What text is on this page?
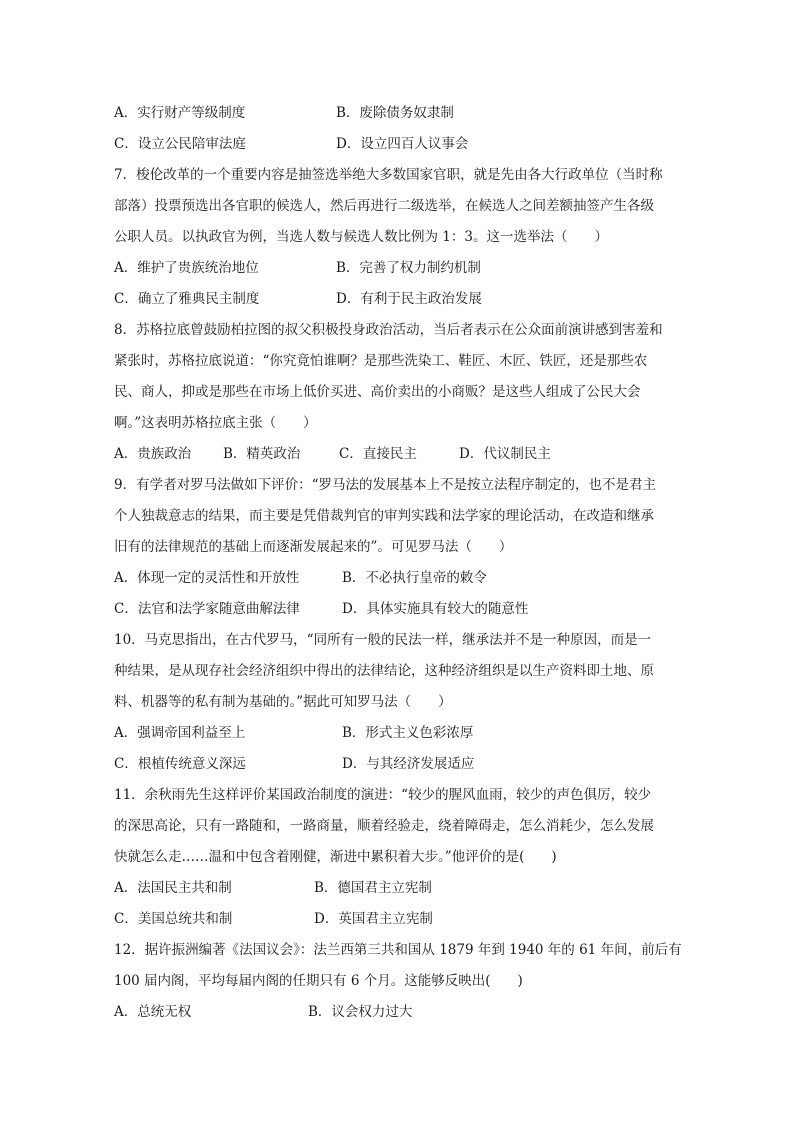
A．实行财产等级制度	B．废除债务奴隶制
C．设立公民陪审法庭	D．设立四百人议事会
7．梭伦改革的一个重要内容是抽签选举绝大多数国家官职，就是先由各大行政单位（当时称
部落）投票预选出各官职的候选人，然后再进行二级选举，在候选人之间差额抽签产生各级
公职人员。以执政官为例，当选人数与候选人数比例为 1：3。这一选举法（　　）
A．维护了贵族统治地位	B．完善了权力制约机制
C．确立了雅典民主制度	D．有利于民主政治发展
8．苏格拉底曾鼓励柏拉图的叔父积极投身政治活动，当后者表示在公众面前演讲感到害羞和
紧张时，苏格拉底说道：“你究竟怕谁啊？是那些洗染工、鞋匠、木匠、铁匠，还是那些农
民、商人，抑或是那些在市场上低价买进、高价卖出的小商贩？是这些人组成了公民大会
啊。”这表明苏格拉底主张（　　）
A．贵族政治 B．精英政治	C．直接民主	D．代议制民主
9．有学者对罗马法做如下评价：“罗马法的发展基本上不是按立法程序制定的，也不是君主
个人独裁意志的结果，而主要是凭借裁判官的审判实践和法学家的理论活动，在改造和继承
旧有的法律规范的基础上而逐渐发展起来的”。可见罗马法（　　）
A．体现一定的灵活性和开放性	B．不必执行皇帝的敕令
C．法官和法学家随意曲解法律	D．具体实施具有较大的随意性
10．马克思指出，在古代罗马，“同所有一般的民法一样，继承法并不是一种原因，而是一
种结果，是从现存社会经济组织中得出的法律结论，这种经济组织是以生产资料即土地、原
料、机器等的私有制为基础的。”据此可知罗马法（　　）
A．强调帝国利益至上	B．形式主义色彩浓厚
C．根植传统意义深远	D．与其经济发展适应
11．余秋雨先生这样评价某国政治制度的演进：“较少的腥风血雨，较少的声色俱厉，较少
的深思高论，只有一路随和，一路商量，顺着经验走，绕着障碍走，怎么消耗少，怎么发展
快就怎么走……温和中包含着刚健，渐进中累积着大步。”他评价的是(　　)
A．法国民主共和制	B．德国君主立宪制
C．美国总统共和制	D．英国君主立宪制
12．据许振洲编著《法国议会》：法兰西第三共和国从 1879 年到 1940 年的 61 年间，前后有
100 届内阁，平均每届内阁的任期只有 6 个月。这能够反映出(　　)
A．总统无权	B．议会权力过大
